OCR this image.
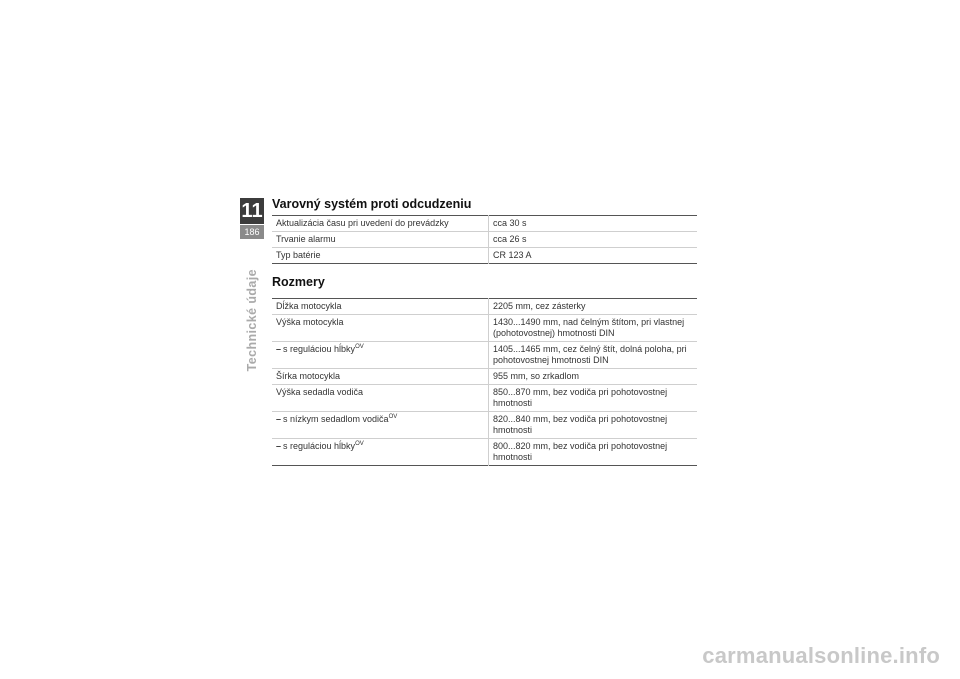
11
186
Technické údaje
Varovný systém proti odcudzeniu
Aktualizácia času pri uvedení do prevádzky	cca 30 s
Trvanie alarmu	cca 26 s
Typ batérie	CR 123 A
Rozmery
Dĺžka motocykla	2205 mm, cez zásterky
Výška motocykla	1430...1490 mm, nad čelným štítom, pri vlastnej (pohotovostnej) hmotnosti DIN
– s reguláciou hĺbky$^{OV}$	1405...1465 mm, cez čelný štít, dolná poloha, pri pohotovostnej hmotnosti DIN
Šírka motocykla	955 mm, so zrkadlom
Výška sedadla vodiča	850...870 mm, bez vodiča pri pohotovostnej hmotnosti
– s nízkym sedadlom vodiča$^{OV}$	820...840 mm, bez vodiča pri pohotovostnej hmotnosti
– s reguláciou hĺbky$^{OV}$	800...820 mm, bez vodiča pri pohotovostnej hmotnosti
carmanualsonline.info
